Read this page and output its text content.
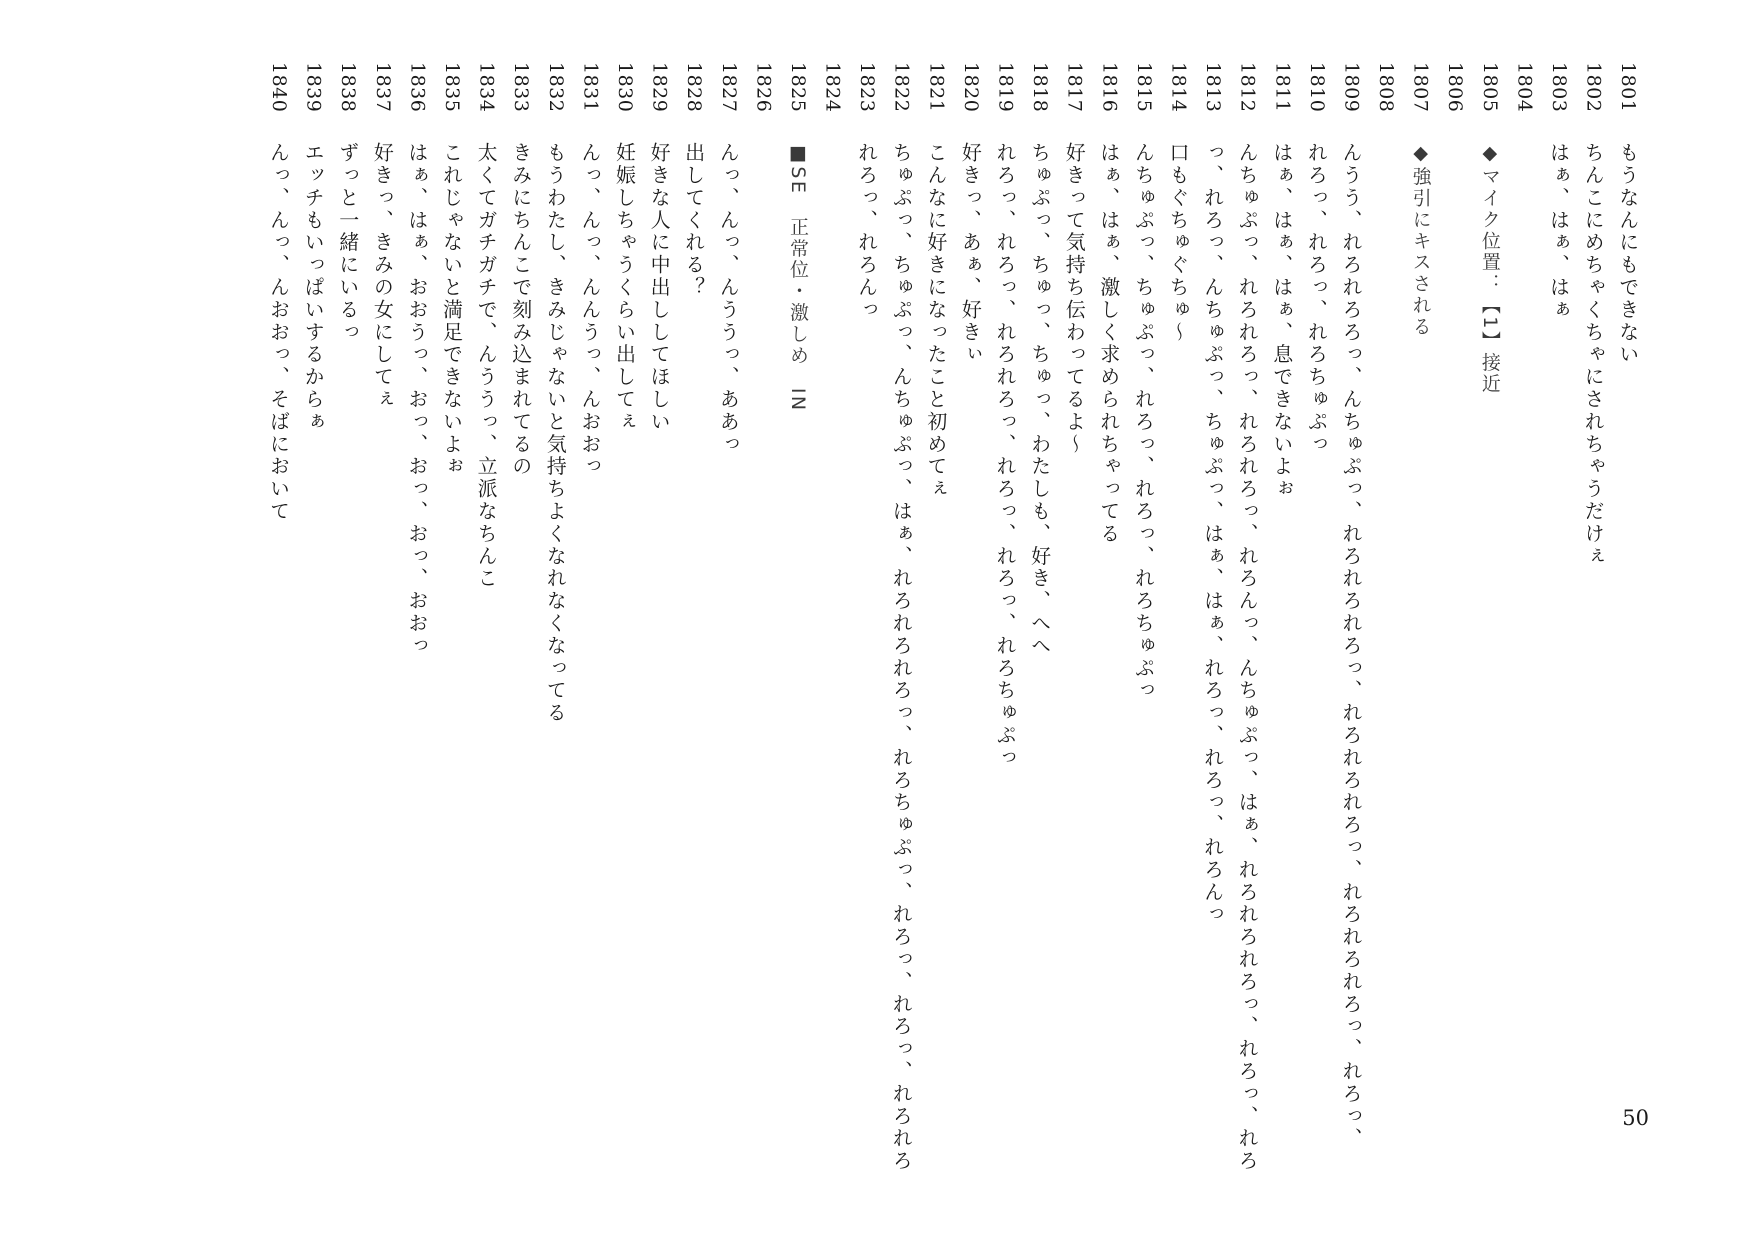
1801
もうなんにもできない
1802
ちんこにめちゃくちゃにされちゃうだけぇ
1803
はぁ、はぁ、はぁ
1804
1805
◆マイク位置：【1】接近
1806
1807
◆強引にキスされる
1808
1809
んうう、れろれろろっ、んちゅぷっ、れろれろれろっ、れろれろれろっ、れろれろれろっ、れろっ、
1810
れろっ、れろっ、れろちゅぷっ
1811
はぁ、はぁ、はぁ、息できないよぉ
1812
んちゅぷっ、れろれろっ、れろれろっ、れろんっ、んちゅぷっ、はぁ、れろれろれろっ、れろっ、れろ
1813
っ、れろっ、んちゅぷっ、ちゅぷっ、はぁ、はぁ、れろっ、れろっ、れろんっ
1814
口もぐちゅぐちゅ～
1815
んちゅぷっ、ちゅぷっ、れろっ、れろっ、れろちゅぷっ
1816
はぁ、はぁ、激しく求められちゃってる
1817
好きって気持ち伝わってるよ～
1818
ちゅぷっ、ちゅっ、ちゅっ、わたしも、好き、へへ
1819
れろっ、れろっ、れろれろっ、れろっ、れろっ、れろちゅぷっ
1820
好きっ、あぁ、好きぃ
1821
こんなに好きになったこと初めてぇ
1822
ちゅぷっ、ちゅぷっ、んちゅぷっ、はぁ、れろれろれろっ、れろちゅぷっ、れろっ、れろっ、れろれろ
1823
れろっ、れろんっ
1824
1825
■SE　正常位・激しめ　IN
1826
1827
んっ、んっ、んううっ、ああっ
1828
出してくれる？
1829
好きな人に中出ししてほしい
1830
妊娠しちゃうくらい出してぇ
1831
んっ、んっ、んんうっ、んおおっ
1832
もうわたし、きみじゃないと気持ちよくなれなくなってる
1833
きみにちんこで刻み込まれてるの
1834
太くてガチガチで、んううっ、立派なちんこ
1835
これじゃないと満足できないよぉ
1836
はぁ、はぁ、おおうっ、おっ、おっ、おっ、おおっ
1837
好きっ、きみの女にしてぇ
1838
ずっと一緒にいるっ
1839
エッチもいっぱいするからぁ
1840
んっ、んっ、んおおっ、そばにおいて
50
